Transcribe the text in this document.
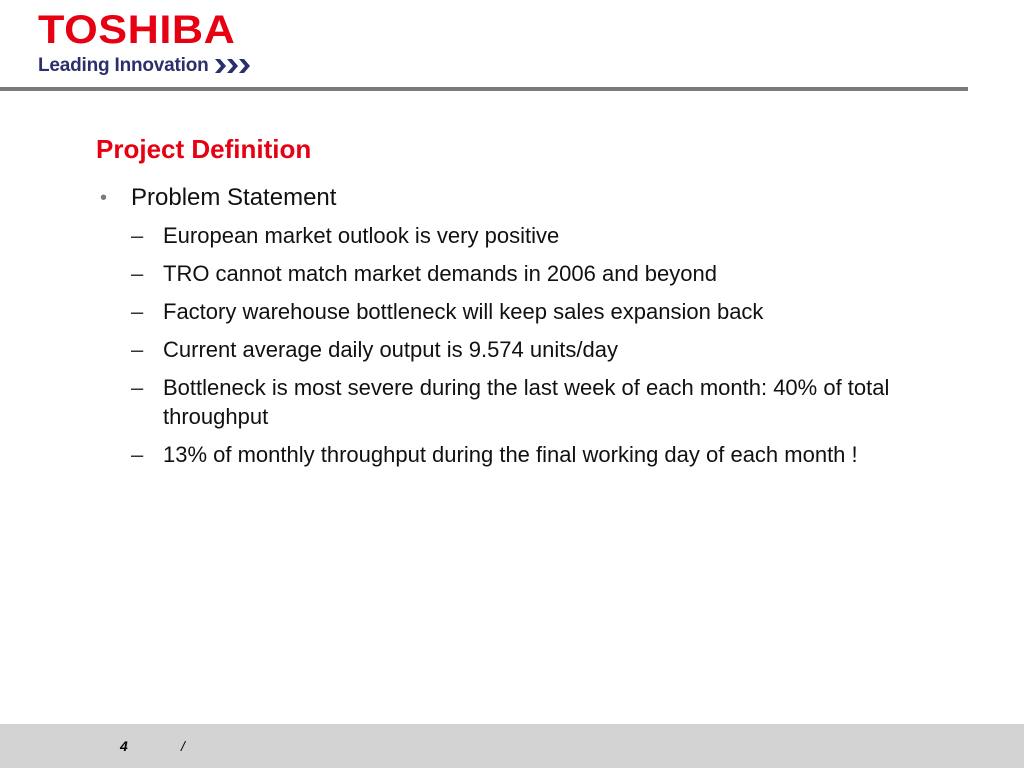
TOSHIBA
Leading Innovation
Project Definition
• Problem Statement
– European market outlook is very positive
– TRO cannot match market demands in 2006 and beyond
– Factory warehouse bottleneck will keep sales expansion back
– Current average daily output is 9.574 units/day
– Bottleneck is most severe during the last week of each month: 40% of total throughput
– 13% of monthly throughput during the final working day of each month !
4	/
